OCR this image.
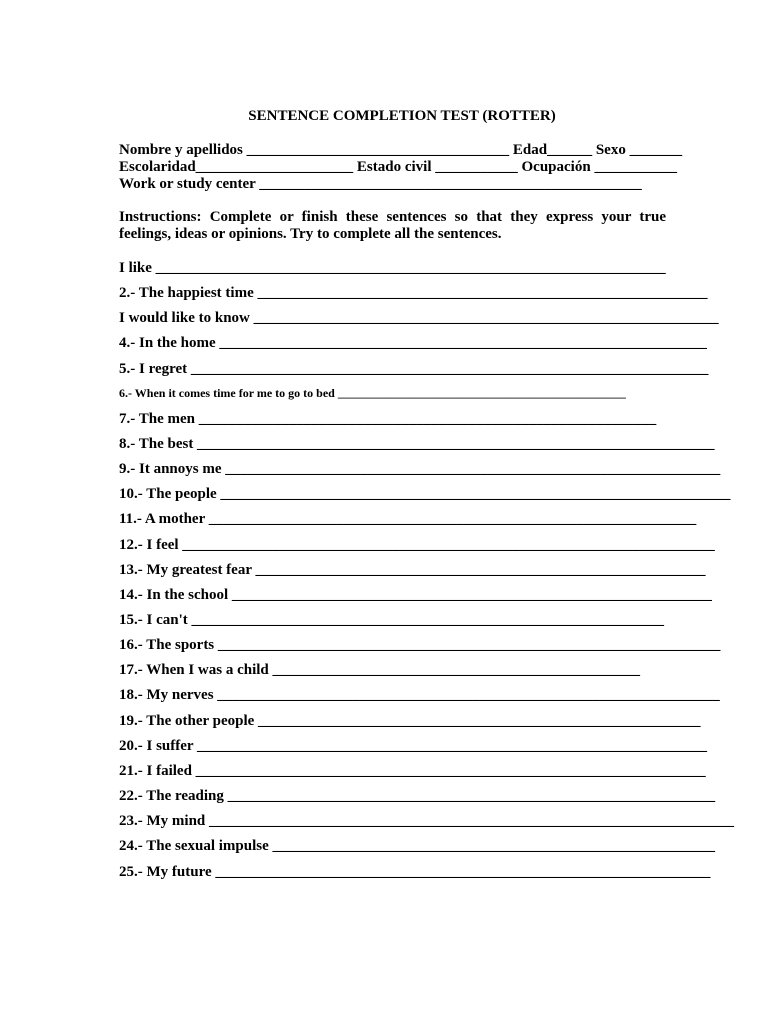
SENTENCE COMPLETION TEST (ROTTER)
Nombre y apellidos ___________________________________ Edad______ Sexo _______
Escolaridad_____________________ Estado civil ___________ Ocupación ___________
Work or study center ___________________________________________________
Instructions: Complete or finish these sentences so that they express your true feelings, ideas or opinions. Try to complete all the sentences.
I like ____________________________________________________________________
2.- The happiest time ____________________________________________________________
I would like to know ______________________________________________________________
4.- In the home _________________________________________________________________
5.- I regret _____________________________________________________________________
6.- When it comes time for me to go to bed ________________________________________________
7.- The men _____________________________________________________________
8.- The best _____________________________________________________________________
9.- It annoys me __________________________________________________________________
10.- The people ____________________________________________________________________
11.- A mother _________________________________________________________________
12.- I feel _______________________________________________________________________
13.- My greatest fear ____________________________________________________________
14.- In the school ________________________________________________________________
15.- I can't _______________________________________________________________
16.- The sports ___________________________________________________________________
17.- When I was a child _________________________________________________
18.- My nerves ___________________________________________________________________
19.- The other people ___________________________________________________________
20.- I suffer ____________________________________________________________________
21.- I failed ____________________________________________________________________
22.- The reading _________________________________________________________________
23.- My mind ______________________________________________________________________
24.- The sexual impulse ___________________________________________________________
25.- My future __________________________________________________________________
